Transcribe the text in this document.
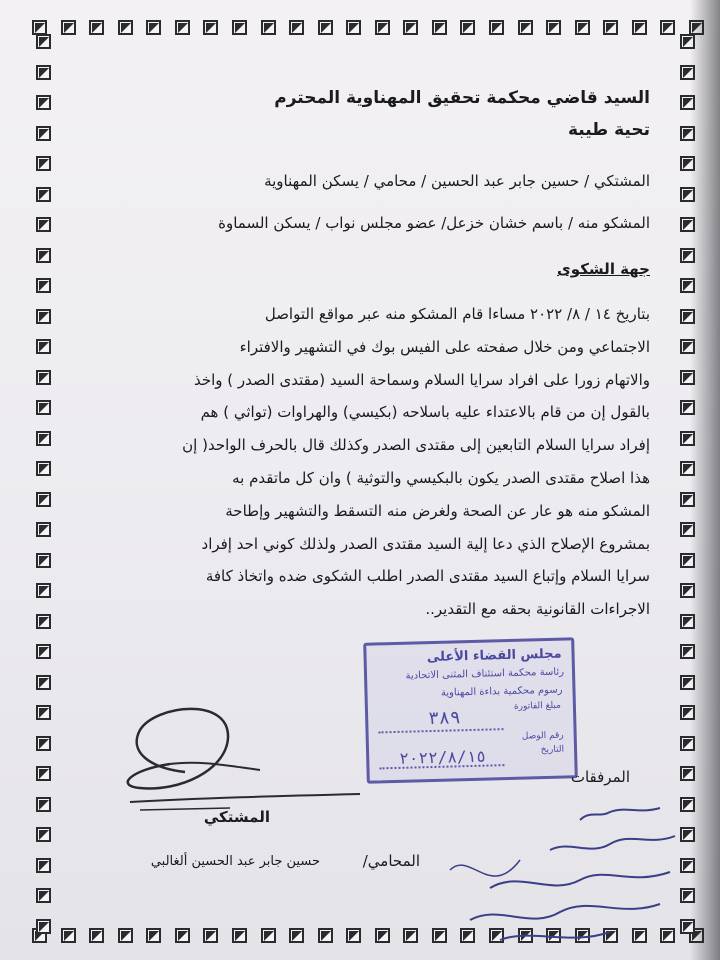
السيد قاضي محكمة تحقيق المهناوية المحترم
تحية طيبة
المشتكي / حسين جابر عبد الحسين / محامي / يسكن المهناوية
المشكو منه / باسم خشان خزعل/ عضو مجلس نواب / يسكن السماوة
جهة الشكوى
بتاريخ ١٤ / ٨/ ٢٠٢٢ مساءا قام المشكو منه عبر مواقع التواصل
الاجتماعي ومن خلال صفحته على الفيس بوك في التشهير والافتراء
والاتهام زورا على افراد سرايا السلام وسماحة السيد (مقتدى الصدر ) واخذ
بالقول إن من قام بالاعتداء عليه باسلاحه (بكيسي) والهراوات (تواثي ) هم
إفراد سرايا السلام التابعين إلى مقتدى الصدر وكذلك قال بالحرف الواحد( إن
هذا اصلاح مقتدى الصدر يكون بالبكيسي والتوثية ) وان كل ماتقدم به
المشكو منه هو عار عن الصحة ولغرض منه التسقط والتشهير وإطاحة
بمشروع الإصلاح الذي دعا إلية السيد مقتدى الصدر ولذلك كوني احد إفراد
سرايا السلام وإتباع السيد مقتدى الصدر اطلب الشكوى ضده واتخاذ كافة
الاجراءات القانونية بحقه مع التقدير..
مجلس القضاء الأعلى
رئاسة محكمة استئناف المثنى الاتحادية
رسوم محكمية بداءة المهناوية
مبلغ الفاتورة
٣٨٩
رقم الوصل
التاريخ
٢٠٢٢/٨/١٥
المرفقات
المشتكي
المحامي/
حسين جابر عبد الحسين ألغالبي
